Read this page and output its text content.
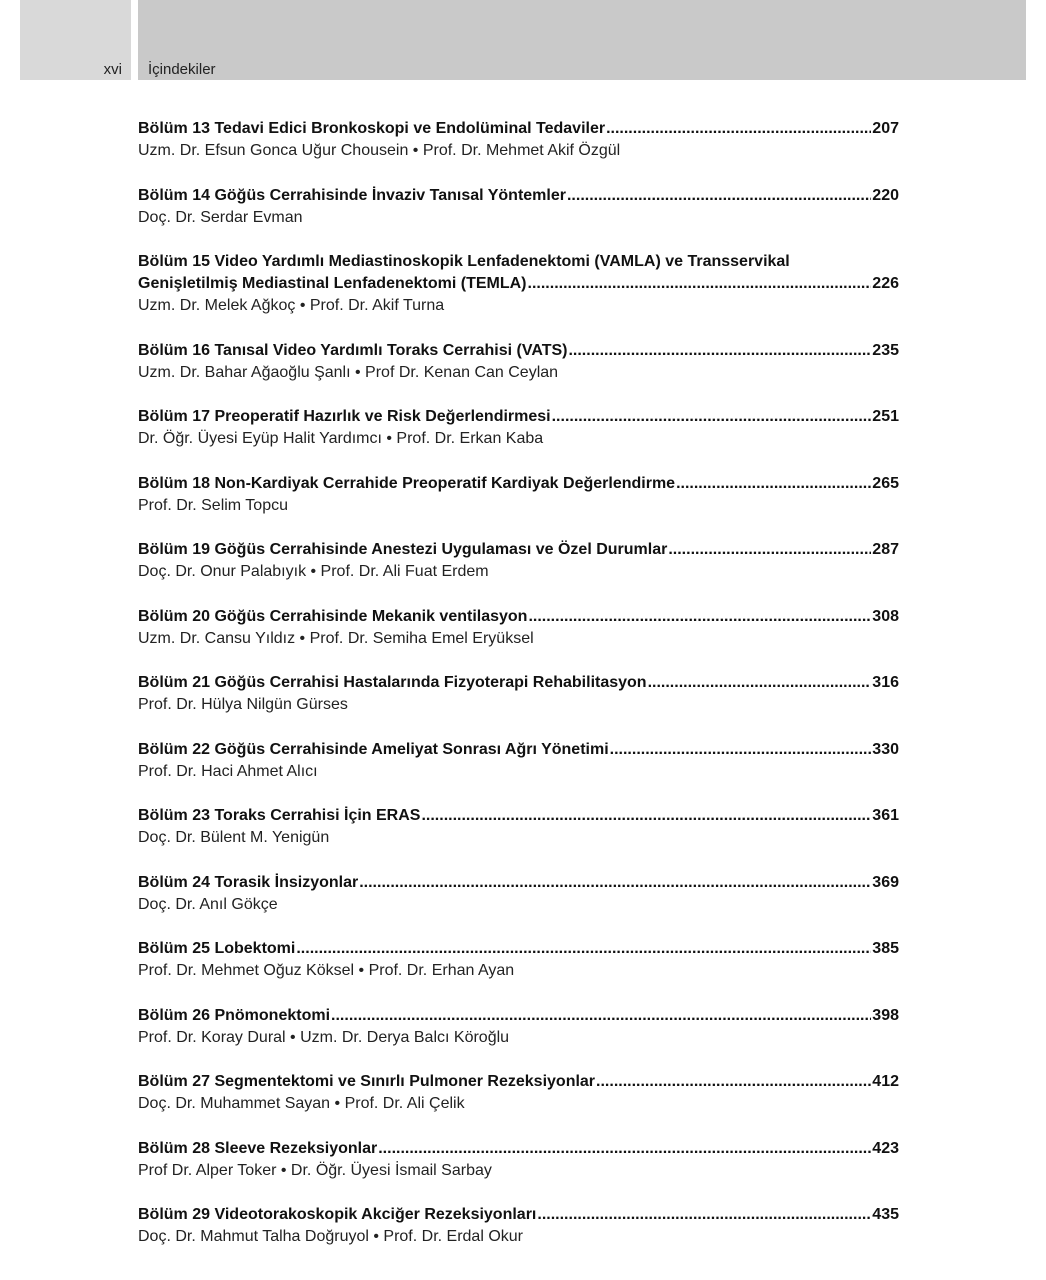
xvi İçindekiler
Bölüm 13 Tedavi Edici Bronkoskopi ve Endolüminal Tedaviler .....	207
Uzm. Dr. Efsun Gonca Uğur Chousein • Prof. Dr. Mehmet Akif Özgül
Bölüm 14 Göğüs Cerrahisinde İnvaziv Tanısal Yöntemler .....	220
Doç. Dr. Serdar Evman
Bölüm 15 Video Yardımlı Mediastinoskopik Lenfadenektomi (VAMLA) ve Transservikal
Genişletilmiş Mediastinal Lenfadenektomi (TEMLA) .....	226
Uzm. Dr. Melek Ağkoç • Prof. Dr. Akif Turna
Bölüm 16 Tanısal Video Yardımlı Toraks Cerrahisi (VATS) .....	235
Uzm. Dr. Bahar Ağaoğlu Şanlı • Prof Dr. Kenan Can Ceylan
Bölüm 17 Preoperatif Hazırlık ve Risk Değerlendirmesi .....	251
Dr. Öğr. Üyesi Eyüp Halit Yardımcı • Prof. Dr. Erkan Kaba
Bölüm 18 Non-Kardiyak Cerrahide Preoperatif Kardiyak Değerlendirme .....	265
Prof. Dr. Selim Topcu
Bölüm 19 Göğüs Cerrahisinde Anestezi Uygulaması ve Özel Durumlar .....	287
Doç. Dr. Onur Palabıyık • Prof. Dr. Ali Fuat Erdem
Bölüm 20 Göğüs Cerrahisinde Mekanik ventilasyon .....	308
Uzm. Dr. Cansu Yıldız • Prof. Dr. Semiha Emel Eryüksel
Bölüm 21 Göğüs Cerrahisi Hastalarında Fizyoterapi Rehabilitasyon .....	316
Prof. Dr. Hülya Nilgün Gürses
Bölüm 22 Göğüs Cerrahisinde Ameliyat Sonrası Ağrı Yönetimi .....	330
Prof. Dr. Haci Ahmet Alıcı
Bölüm 23 Toraks Cerrahisi İçin ERAS .....	361
Doç. Dr. Bülent M. Yenigün
Bölüm 24 Torasik İnsizyonlar .....	369
Doç. Dr. Anıl Gökçe
Bölüm 25 Lobektomi .....	385
Prof. Dr. Mehmet Oğuz Köksel • Prof. Dr. Erhan Ayan
Bölüm 26 Pnömonektomi .....	398
Prof. Dr. Koray Dural • Uzm. Dr. Derya Balcı Köroğlu
Bölüm 27 Segmentektomi ve Sınırlı Pulmoner Rezeksiyonlar .....	412
Doç. Dr. Muhammet Sayan • Prof. Dr. Ali Çelik
Bölüm 28 Sleeve Rezeksiyonlar .....	423
Prof Dr. Alper Toker • Dr. Öğr. Üyesi İsmail Sarbay
Bölüm 29 Videotorakoskopik Akciğer Rezeksiyonları .....	435
Doç. Dr. Mahmut Talha Doğruyol • Prof. Dr. Erdal Okur
